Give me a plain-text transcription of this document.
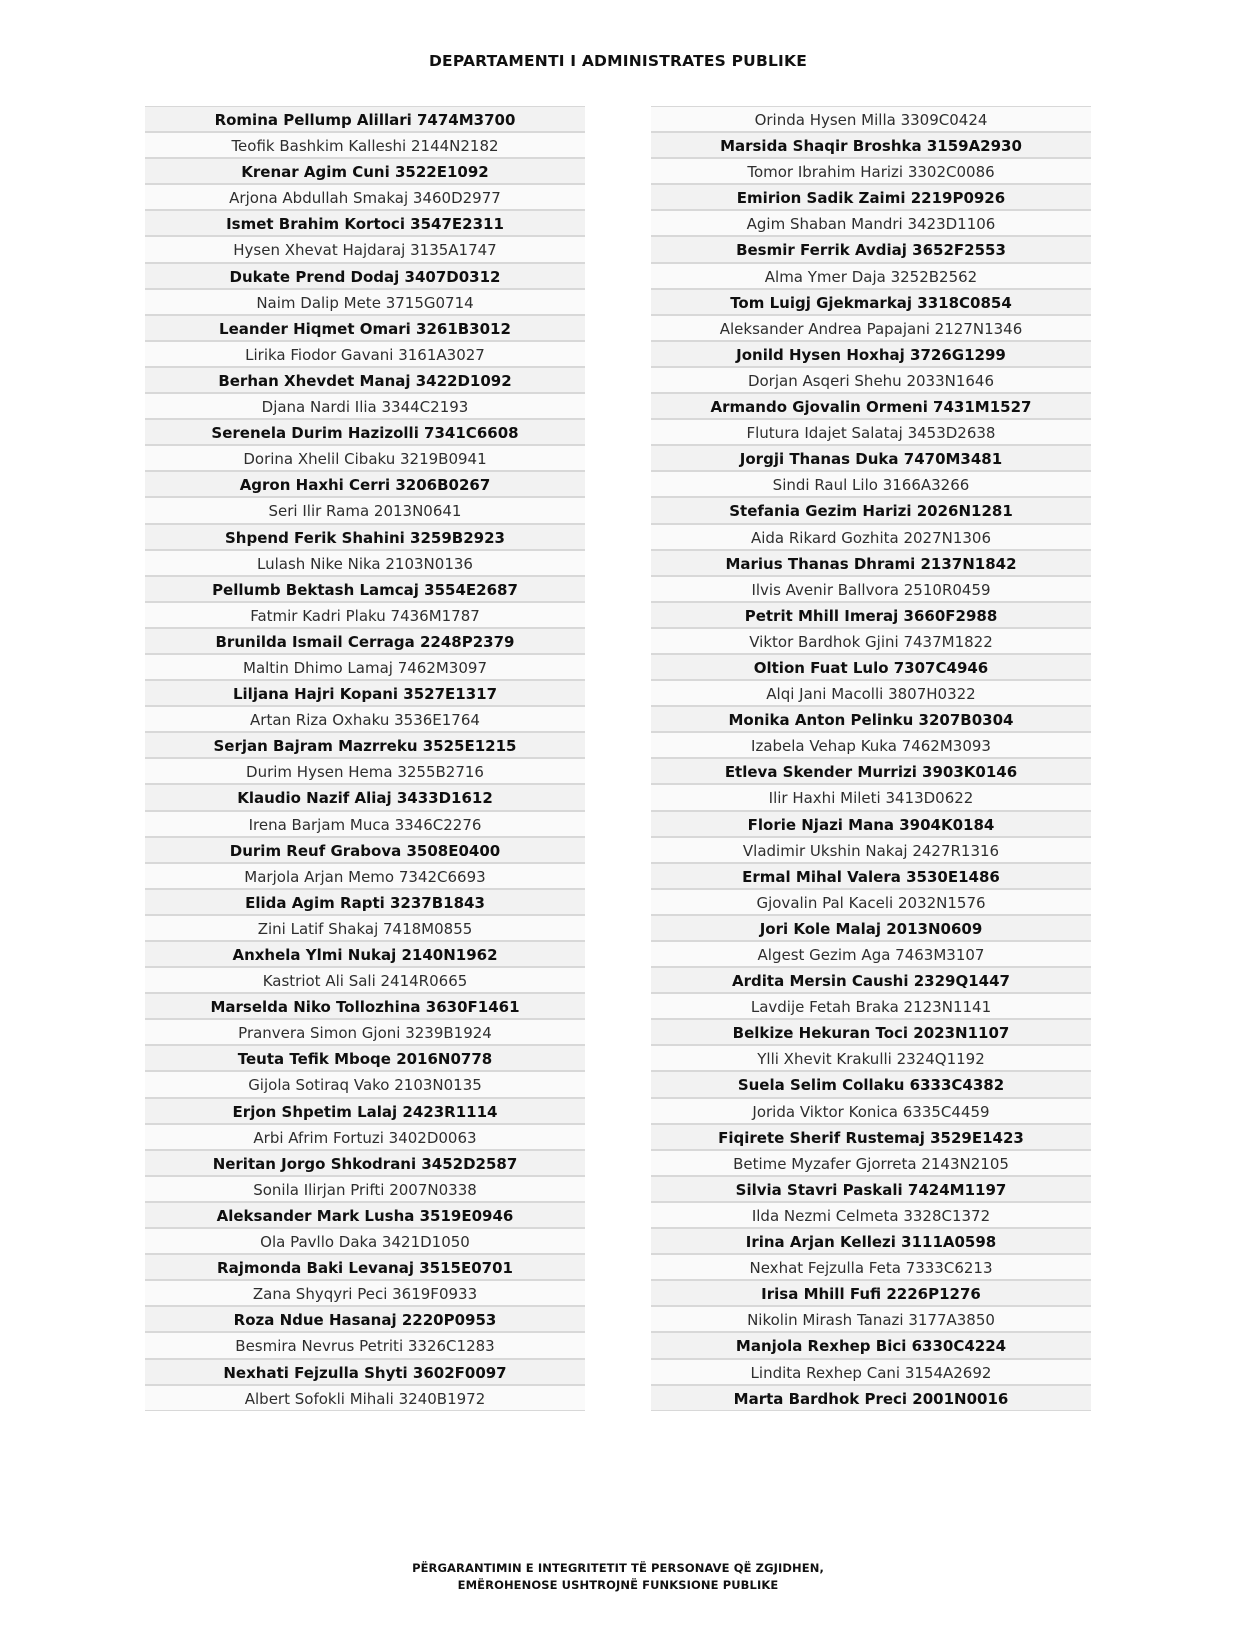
DEPARTAMENTI I ADMINISTRATES PUBLIKE
Romina Pellump Alillari 7474M3700
Teofik Bashkim Kalleshi 2144N2182
Krenar Agim Cuni 3522E1092
Arjona Abdullah Smakaj 3460D2977
Ismet Brahim Kortoci 3547E2311
Hysen Xhevat Hajdaraj 3135A1747
Dukate Prend Dodaj 3407D0312
Naim Dalip Mete 3715G0714
Leander Hiqmet Omari 3261B3012
Lirika Fiodor Gavani 3161A3027
Berhan Xhevdet Manaj 3422D1092
Djana Nardi Ilia 3344C2193
Serenela Durim Hazizolli 7341C6608
Dorina Xhelil Cibaku 3219B0941
Agron Haxhi Cerri 3206B0267
Seri Ilir Rama 2013N0641
Shpend Ferik Shahini 3259B2923
Lulash Nike Nika 2103N0136
Pellumb Bektash Lamcaj 3554E2687
Fatmir Kadri Plaku 7436M1787
Brunilda Ismail Cerraga 2248P2379
Maltin Dhimo Lamaj 7462M3097
Liljana Hajri Kopani 3527E1317
Artan Riza Oxhaku 3536E1764
Serjan Bajram Mazrreku 3525E1215
Durim Hysen Hema 3255B2716
Klaudio Nazif Aliaj 3433D1612
Irena Barjam Muca 3346C2276
Durim Reuf Grabova 3508E0400
Marjola Arjan Memo 7342C6693
Elida Agim Rapti 3237B1843
Zini Latif Shakaj 7418M0855
Anxhela Ylmi Nukaj 2140N1962
Kastriot Ali Sali 2414R0665
Marselda Niko Tollozhina 3630F1461
Pranvera Simon Gjoni 3239B1924
Teuta Tefik Mboqe 2016N0778
Gijola Sotiraq Vako 2103N0135
Erjon Shpetim Lalaj 2423R1114
Arbi Afrim Fortuzi 3402D0063
Neritan Jorgo Shkodrani 3452D2587
Sonila Ilirjan Prifti 2007N0338
Aleksander Mark Lusha 3519E0946
Ola Pavllo Daka 3421D1050
Rajmonda Baki Levanaj 3515E0701
Zana Shyqyri Peci 3619F0933
Roza Ndue Hasanaj 2220P0953
Besmira Nevrus Petriti 3326C1283
Nexhati Fejzulla Shyti 3602F0097
Albert Sofokli Mihali 3240B1972
Orinda Hysen Milla 3309C0424
Marsida Shaqir Broshka 3159A2930
Tomor Ibrahim Harizi 3302C0086
Emirion Sadik Zaimi 2219P0926
Agim Shaban Mandri 3423D1106
Besmir Ferrik Avdiaj 3652F2553
Alma Ymer Daja 3252B2562
Tom Luigj Gjekmarkaj 3318C0854
Aleksander Andrea Papajani 2127N1346
Jonild Hysen Hoxhaj 3726G1299
Dorjan Asqeri Shehu 2033N1646
Armando Gjovalin Ormeni 7431M1527
Flutura Idajet Salataj 3453D2638
Jorgji Thanas Duka 7470M3481
Sindi Raul Lilo 3166A3266
Stefania Gezim Harizi 2026N1281
Aida Rikard Gozhita 2027N1306
Marius Thanas Dhrami 2137N1842
Ilvis Avenir Ballvora 2510R0459
Petrit Mhill Imeraj 3660F2988
Viktor Bardhok Gjini 7437M1822
Oltion Fuat Lulo 7307C4946
Alqi Jani Macolli 3807H0322
Monika Anton Pelinku 3207B0304
Izabela Vehap Kuka 7462M3093
Etleva Skender Murrizi 3903K0146
Ilir Haxhi Mileti 3413D0622
Florie Njazi Mana 3904K0184
Vladimir Ukshin Nakaj 2427R1316
Ermal Mihal Valera 3530E1486
Gjovalin Pal Kaceli 2032N1576
Jori Kole Malaj 2013N0609
Algest Gezim Aga 7463M3107
Ardita Mersin Caushi 2329Q1447
Lavdije Fetah Braka 2123N1141
Belkize Hekuran Toci 2023N1107
Ylli Xhevit Krakulli 2324Q1192
Suela Selim Collaku 6333C4382
Jorida Viktor Konica 6335C4459
Fiqirete Sherif Rustemaj 3529E1423
Betime Myzafer Gjorreta 2143N2105
Silvia Stavri Paskali 7424M1197
Ilda Nezmi Celmeta 3328C1372
Irina Arjan Kellezi 3111A0598
Nexhat Fejzulla Feta 7333C6213
Irisa Mhill Fufi 2226P1276
Nikolin Mirash Tanazi 3177A3850
Manjola Rexhep Bici 6330C4224
Lindita Rexhep Cani 3154A2692
Marta Bardhok Preci 2001N0016
PËRGARANTIMIN E INTEGRITETIT TË PERSONAVE QË ZGJIDHEN,
EMËROHENOSE USHTROJNË FUNKSIONE PUBLIKE
